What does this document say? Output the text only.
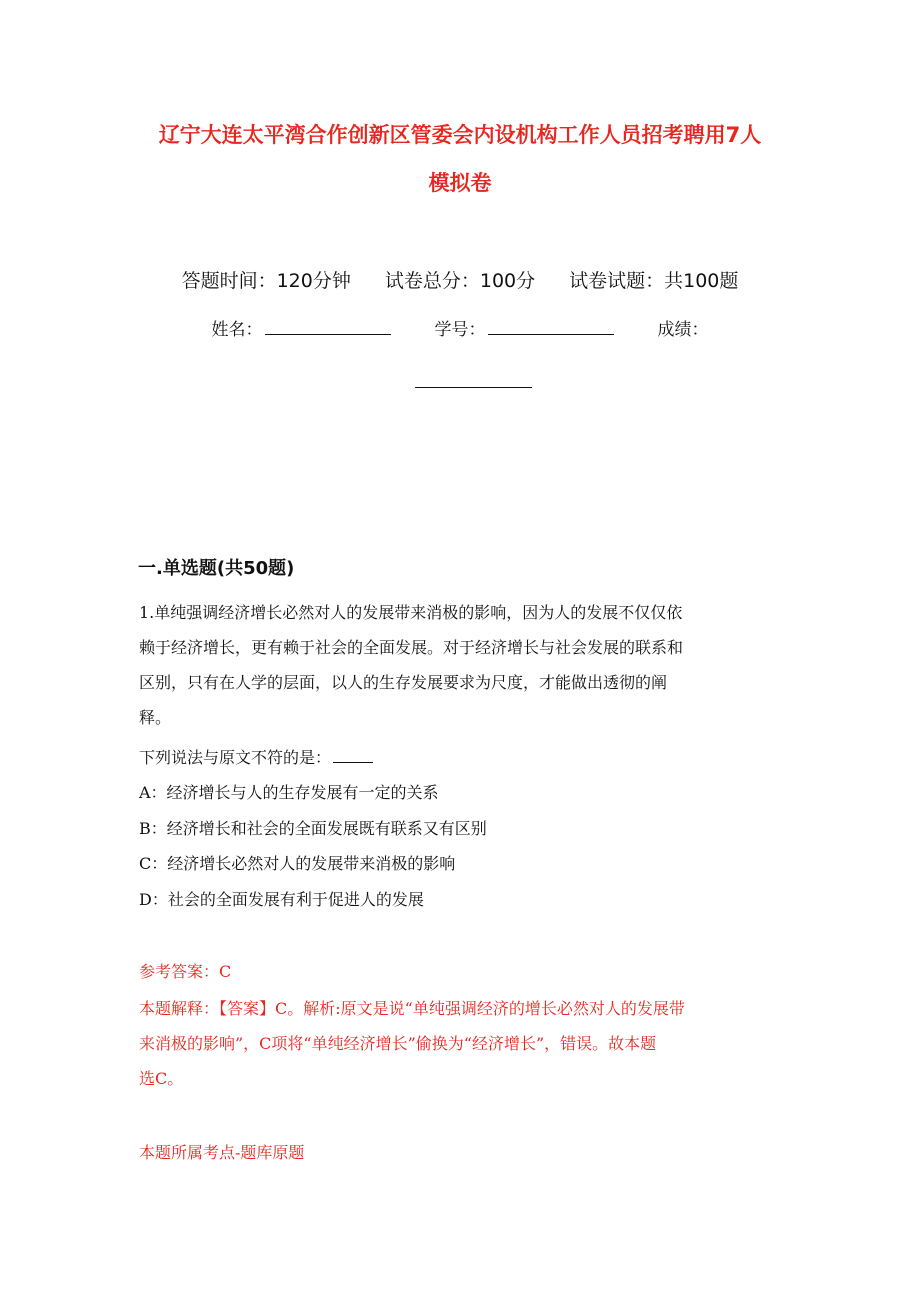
辽宁大连太平湾合作创新区管委会内设机构工作人员招考聘用7人
模拟卷
答题时间：120分钟 试卷总分：100分 试卷试题：共100题
姓名：	学号：	成绩：
一.单选题(共50题)
1.单纯强调经济增长必然对人的发展带来消极的影响，因为人的发展不仅仅依
赖于经济增长，更有赖于社会的全面发展。对于经济增长与社会发展的联系和
区别，只有在人学的层面，以人的生存发展要求为尺度，才能做出透彻的阐
释。
下列说法与原文不符的是：
A：经济增长与人的生存发展有一定的关系
B：经济增长和社会的全面发展既有联系又有区别
C：经济增长必然对人的发展带来消极的影响
D：社会的全面发展有利于促进人的发展
参考答案：C
本题解释：【答案】C。解析:原文是说“单纯强调经济的增长必然对人的发展带
来消极的影响”，C项将“单纯经济增长”偷换为“经济增长”，错误。故本题
选C。
本题所属考点-题库原题
